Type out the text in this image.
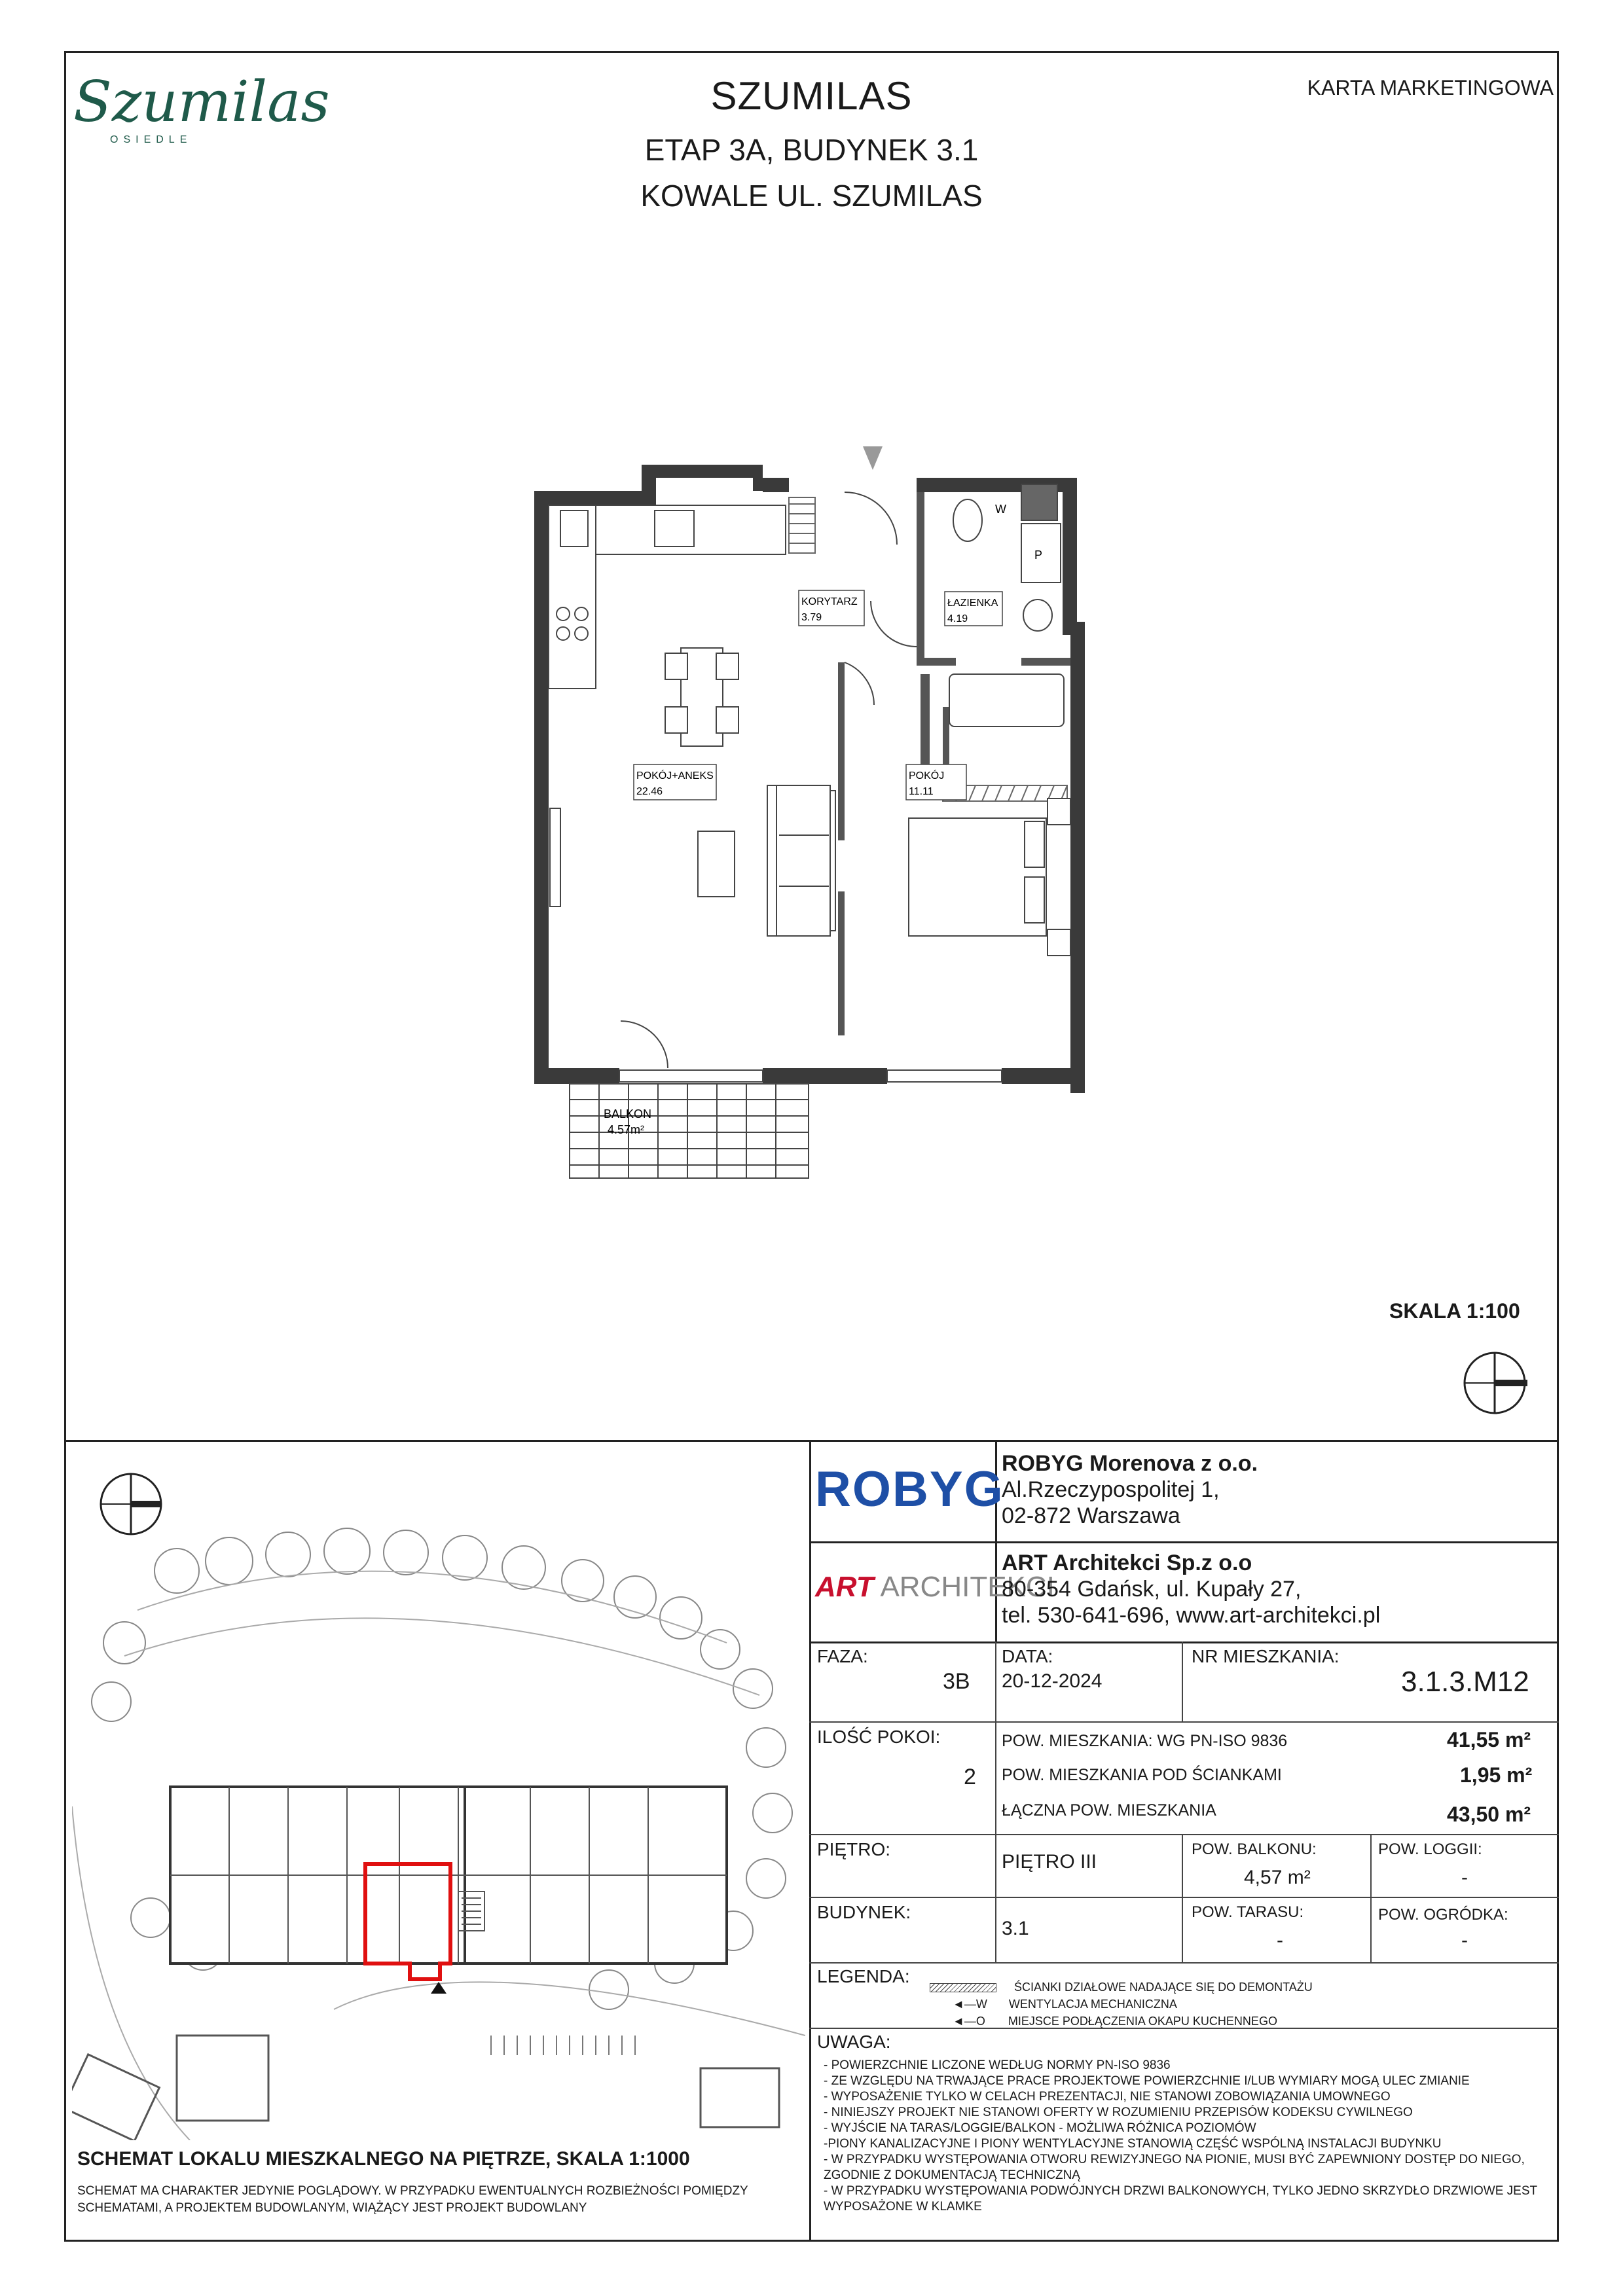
Szumilas
OSIEDLE
SZUMILAS
ETAP 3A, BUDYNEK 3.1
KOWALE UL. SZUMILAS
KARTA MARKETINGOWA
KORYTARZ
3.79
ŁAZIENKA
4.19
POKÓJ+ANEKS
22.46
POKÓJ
11.11
BALKON
4.57m²
W
P
SKALA 1:100
SCHEMAT LOKALU MIESZKALNEGO NA PIĘTRZE, SKALA 1:1000
SCHEMAT MA CHARAKTER JEDYNIE POGLĄDOWY. W PRZYPADKU EWENTUALNYCH ROZBIEŻNOŚCI POMIĘDZY
SCHEMATAMI, A PROJEKTEM BUDOWLANYM, WIĄŻĄCY JEST PROJEKT BUDOWLANY
ROBYG
ROBYG Morenova z o.o.
Al.Rzeczypospolitej 1,
02-872 Warszawa
ART ARCHITEKCI
ART Architekci Sp.z o.o
80-354 Gdańsk, ul. Kupały 27,
tel. 530-641-696, www.art-architekci.pl
FAZA:
3B
DATA:
20-12-2024
NR MIESZKANIA:
3.1.3.M12
ILOŚĆ POKOI:
2
POW. MIESZKANIA: WG PN-ISO 9836	41,55 m²
POW. MIESZKANIA POD ŚCIANKAMI	1,95 m²
ŁĄCZNA POW. MIESZKANIA	43,50 m²
PIĘTRO:
PIĘTRO III
POW. BALKONU:
4,57 m²
POW. LOGGII:
-
BUDYNEK:
3.1
POW. TARASU:
-
POW. OGRÓDKA:
-
LEGENDA:
ŚCIANKI DZIAŁOWE NADAJĄCE SIĘ DO DEMONTAŻU
◄—W WENTYLACJA MECHANICZNA
◄—O MIEJSCE PODŁĄCZENIA OKAPU KUCHENNEGO
UWAGA:
- POWIERZCHNIE LICZONE WEDŁUG NORMY PN-ISO 9836
- ZE WZGLĘDU NA TRWAJĄCE PRACE PROJEKTOWE POWIERZCHNIE I/LUB WYMIARY MOGĄ ULEC ZMIANIE
- WYPOSAŻENIE TYLKO W CELACH PREZENTACJI, NIE STANOWI ZOBOWIĄZANIA UMOWNEGO
- NINIEJSZY PROJEKT NIE STANOWI OFERTY W ROZUMIENIU PRZEPISÓW KODEKSU CYWILNEGO
- WYJŚCIE NA TARAS/LOGGIE/BALKON - MOŻLIWA RÓŻNICA POZIOMÓW
-PIONY KANALIZACYJNE I PIONY WENTYLACYJNE STANOWIĄ CZĘŚĆ WSPÓLNĄ INSTALACJI BUDYNKU
- W PRZYPADKU WYSTĘPOWANIA OTWORU REWIZYJNEGO NA PIONIE, MUSI BYĆ ZAPEWNIONY DOSTĘP DO NIEGO,
ZGODNIE Z DOKUMENTACJĄ TECHNICZNĄ
- W PRZYPADKU WYSTĘPOWANIA PODWÓJNYCH DRZWI BALKONOWYCH, TYLKO JEDNO SKRZYDŁO DRZWIOWE JEST
WYPOSAŻONE W KLAMKE
